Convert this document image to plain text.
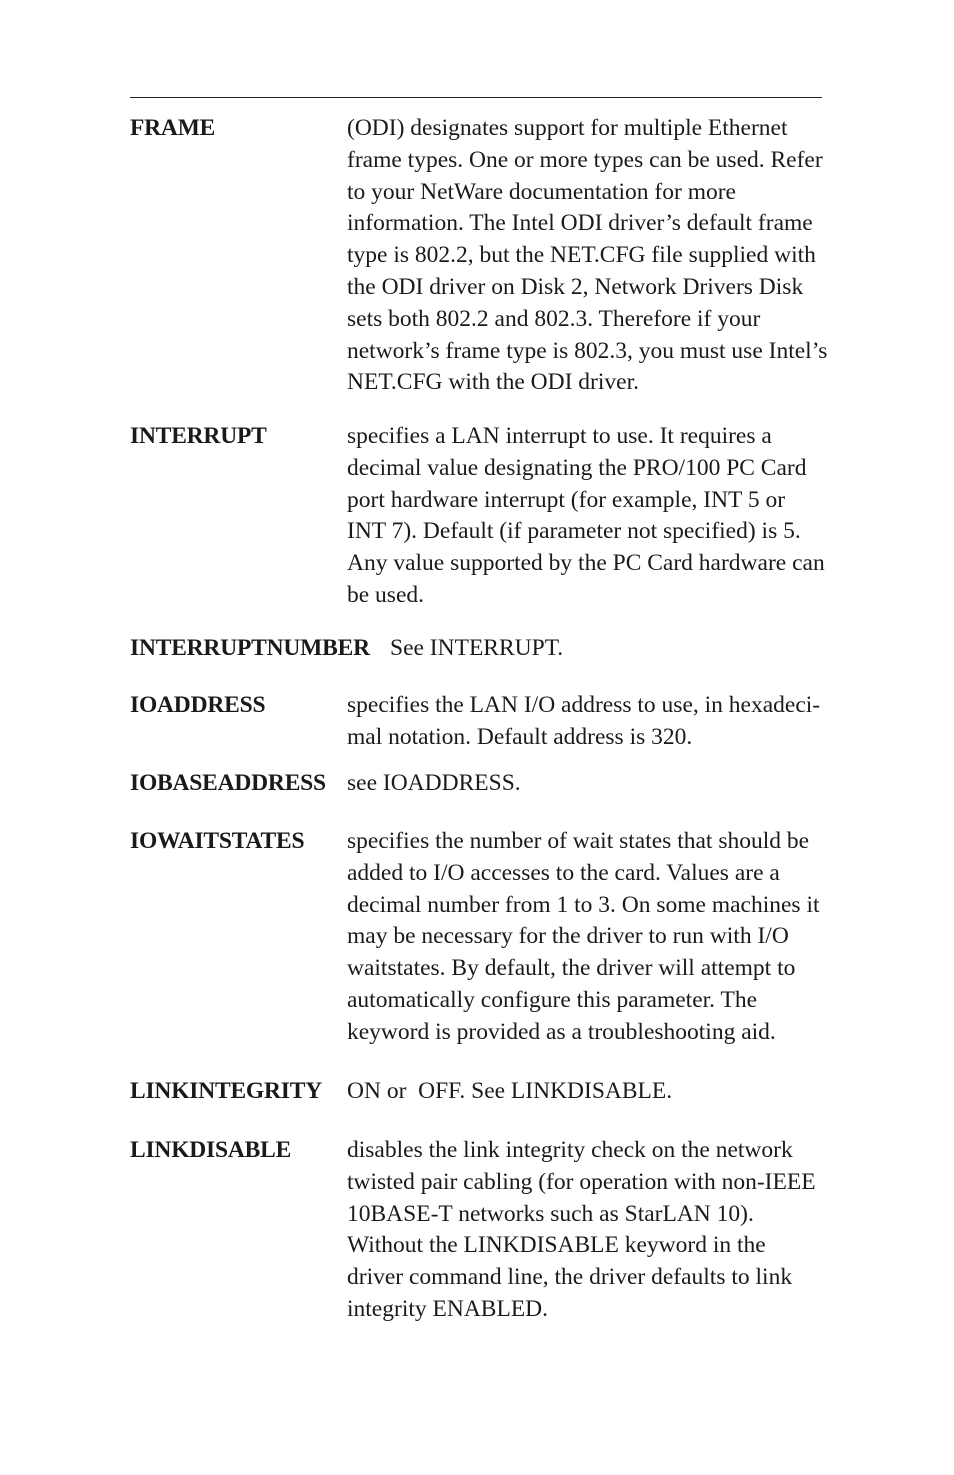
FRAME	(ODI) designates support for multiple Ethernet
frame types. One or more types can be used. Refer
to your NetWare documentation for more
information. The Intel ODI driver’s default frame
type is 802.2, but the NET.CFG file supplied with
the ODI driver on Disk 2, Network Drivers Disk
sets both 802.2 and 802.3. Therefore if your
network’s frame type is 802.3, you must use Intel’s
NET.CFG with the ODI driver.
INTERRUPT	specifies a LAN interrupt to use. It requires a
decimal value designating the PRO/100 PC Card
port hardware interrupt (for example, INT 5 or
INT 7). Default (if parameter not specified) is 5.
Any value supported by the PC Card hardware can
be used.
INTERRUPTNUMBER See INTERRUPT.
IOADDRESS	specifies the LAN I/O address to use, in hexadeci-
mal notation. Default address is 320.
IOBASEADDRESS see IOADDRESS.
IOWAITSTATES specifies the number of wait states that should be
added to I/O accesses to the card. Values are a
decimal number from 1 to 3. On some machines it
may be necessary for the driver to run with I/O
waitstates. By default, the driver will attempt to
automatically configure this parameter. The
keyword is provided as a troubleshooting aid.
LINKINTEGRITY ON or  OFF. See LINKDISABLE.
LINKDISABLE disables the link integrity check on the network
twisted pair cabling (for operation with non-IEEE
10BASE-T networks such as StarLAN 10).
Without the LINKDISABLE keyword in the
driver command line, the driver defaults to link
integrity ENABLED.
